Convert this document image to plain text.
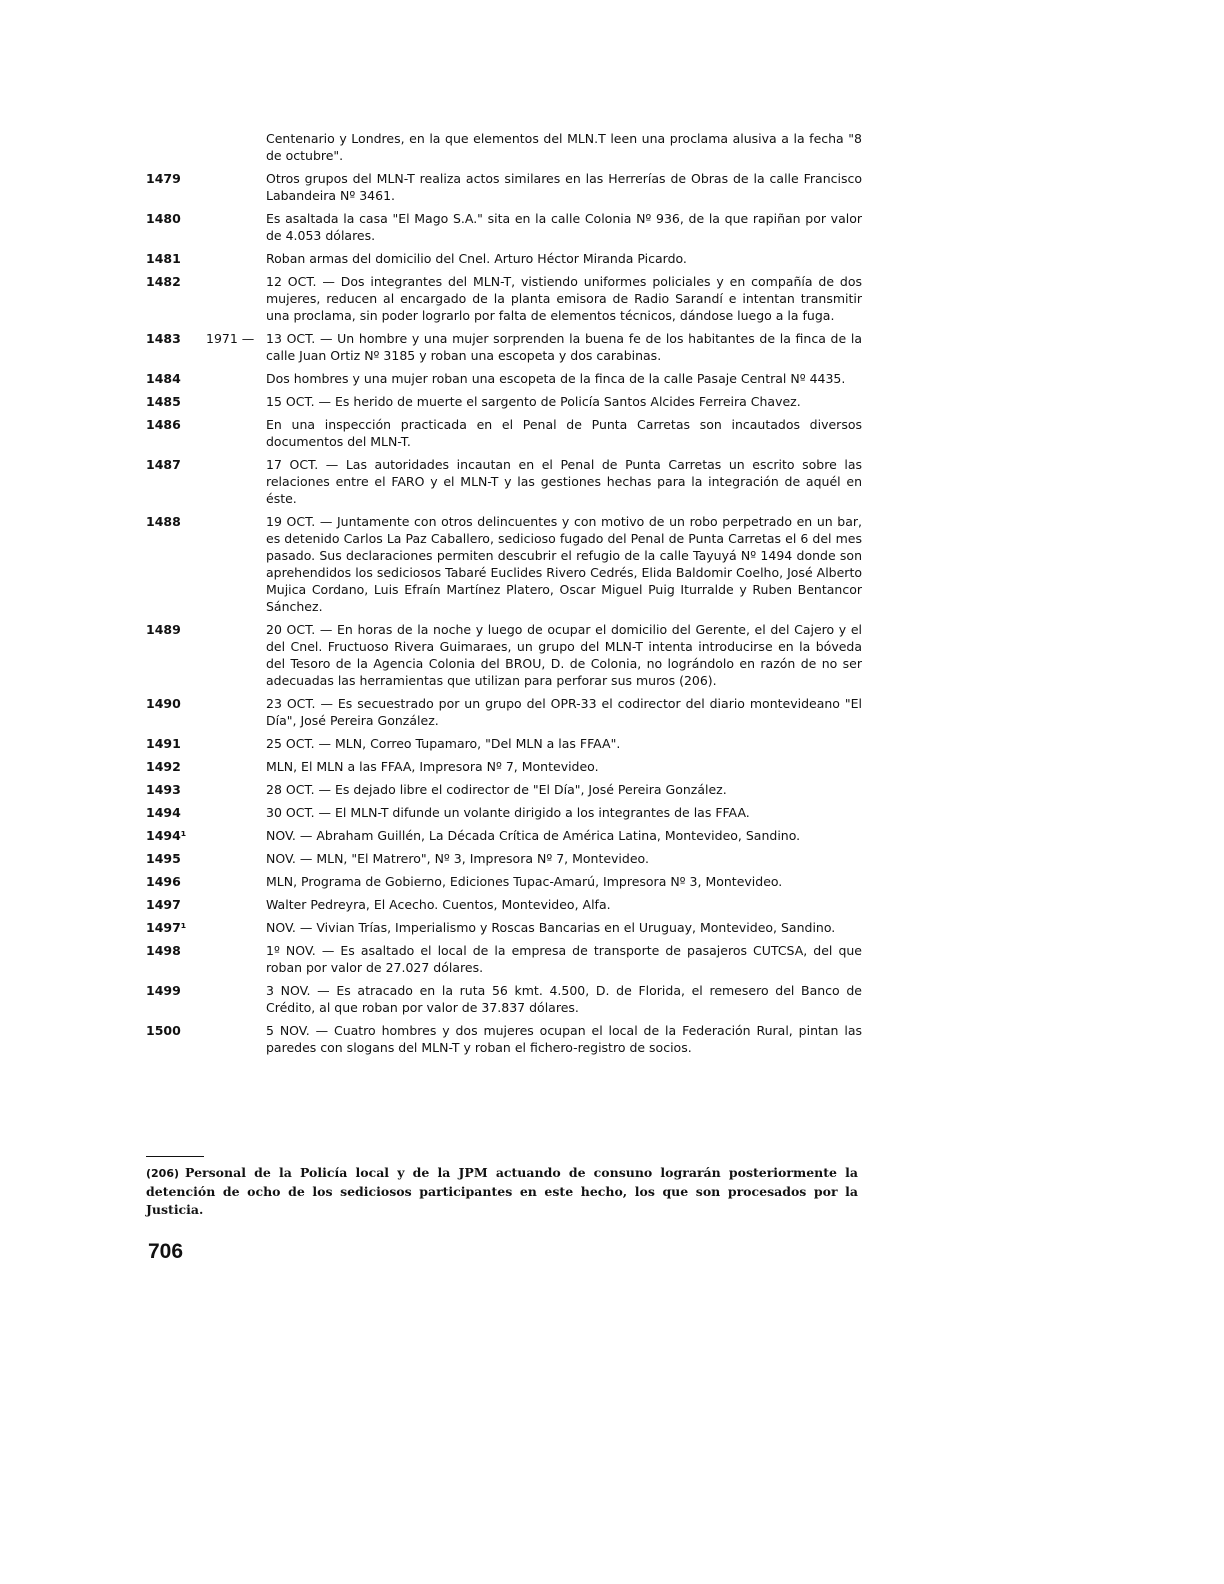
Centenario y Londres, en la que elementos del MLN.T leen una proclama alusiva a la fecha "8 de octubre".
1479	Otros grupos del MLN-T realiza actos similares en las Herrerías de Obras de la calle Francisco Labandeira Nº 3461.
1480	Es asaltada la casa "El Mago S.A." sita en la calle Colonia Nº 936, de la que rapiñan por valor de 4.053 dólares.
1481	Roban armas del domicilio del Cnel. Arturo Héctor Miranda Picardo.
1482	12 OCT. — Dos integrantes del MLN-T, vistiendo uniformes policiales y en compañía de dos mujeres, reducen al encargado de la planta emisora de Radio Sarandí e intentan transmitir una proclama, sin poder lograrlo por falta de elementos técnicos, dándose luego a la fuga.
1483	1971 — 13 OCT. — Un hombre y una mujer sorprenden la buena fe de los habitantes de la finca de la calle Juan Ortiz Nº 3185 y roban una escopeta y dos carabinas.
1484	Dos hombres y una mujer roban una escopeta de la finca de la calle Pasaje Central Nº 4435.
1485	15 OCT. — Es herido de muerte el sargento de Policía Santos Alcides Ferreira Chavez.
1486	En una inspección practicada en el Penal de Punta Carretas son incautados diversos documentos del MLN-T.
1487	17 OCT. — Las autoridades incautan en el Penal de Punta Carretas un escrito sobre las relaciones entre el FARO y el MLN-T y las gestiones hechas para la integración de aquél en éste.
1488	19 OCT. — Juntamente con otros delincuentes y con motivo de un robo perpetrado en un bar, es detenido Carlos La Paz Caballero, sedicioso fugado del Penal de Punta Carretas el 6 del mes pasado. Sus declaraciones permiten descubrir el refugio de la calle Tayuyá Nº 1494 donde son aprehendidos los sediciosos Tabaré Euclides Rivero Cedrés, Elida Baldomir Coelho, José Alberto Mujica Cordano, Luis Efraín Martínez Platero, Oscar Miguel Puig Iturralde y Ruben Bentancor Sánchez.
1489	20 OCT. — En horas de la noche y luego de ocupar el domicilio del Gerente, el del Cajero y el del Cnel. Fructuoso Rivera Guimaraes, un grupo del MLN-T intenta introducirse en la bóveda del Tesoro de la Agencia Colonia del BROU, D. de Colonia, no lográndolo en razón de no ser adecuadas las herramientas que utilizan para perforar sus muros (206).
1490	23 OCT. — Es secuestrado por un grupo del OPR-33 el codirector del diario montevideano "El Día", José Pereira González.
1491	25 OCT. — MLN, Correo Tupamaro, "Del MLN a las FFAA".
1492	MLN, El MLN a las FFAA, Impresora Nº 7, Montevideo.
1493	28 OCT. — Es dejado libre el codirector de "El Día", José Pereira González.
1494	30 OCT. — El MLN-T difunde un volante dirigido a los integrantes de las FFAA.
1494¹	NOV. — Abraham Guillén, La Década Crítica de América Latina, Montevideo, Sandino.
1495	NOV. — MLN, "El Matrero", Nº 3, Impresora Nº 7, Montevideo.
1496	MLN, Programa de Gobierno, Ediciones Tupac-Amarú, Impresora Nº 3, Montevideo.
1497	Walter Pedreyra, El Acecho. Cuentos, Montevideo, Alfa.
1497¹	NOV. — Vivian Trías, Imperialismo y Roscas Bancarias en el Uruguay, Montevideo, Sandino.
1498	1º NOV. — Es asaltado el local de la empresa de transporte de pasajeros CUTCSA, del que roban por valor de 27.027 dólares.
1499	3 NOV. — Es atracado en la ruta 56 kmt. 4.500, D. de Florida, el remesero del Banco de Crédito, al que roban por valor de 37.837 dólares.
1500	5 NOV. — Cuatro hombres y dos mujeres ocupan el local de la Federación Rural, pintan las paredes con slogans del MLN-T y roban el fichero-registro de socios.
(206) Personal de la Policía local y de la JPM actuando de consuno lograrán posteriormente la detención de ocho de los sediciosos participantes en este hecho, los que son procesados por la Justicia.
706
